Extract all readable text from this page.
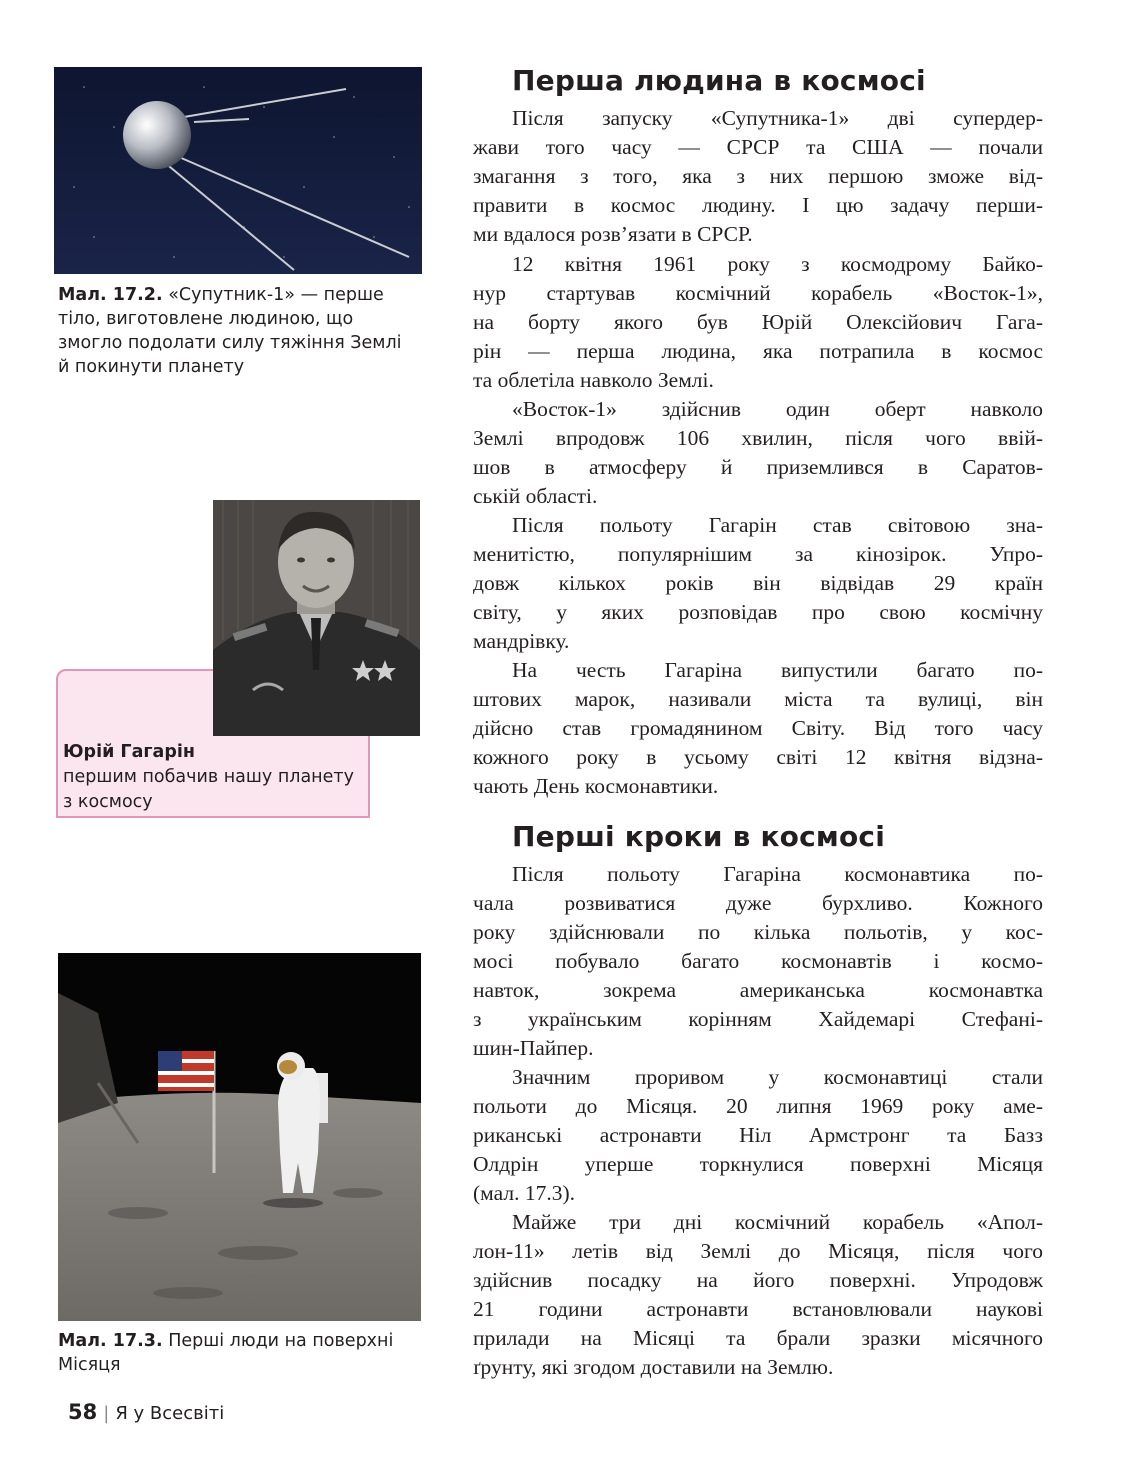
Мал. 17.2. «Супутник-1» — перше
тіло, виготовлене людиною, що
змогло подолати силу тяжіння Землі
й покинути планету
Юрій Гагарін
першим побачив нашу планету
з космосу
Мал. 17.3. Перші люди на поверхні
Місяця
Перша людина в космосі
Після запуску «Супутника-1» дві супердер-
жави того часу — СРСР та США — почали
змагання з того, яка з них першою зможе від-
правити в космос людину. І цю задачу перши-
ми вдалося розв’язати в СРСР.
12 квітня 1961 року з космодрому Байко-
нур стартував космічний корабель «Восток-1»,
на борту якого був Юрій Олексійович Гага-
рін — перша людина, яка потрапила в космос
та облетіла навколо Землі.
«Восток-1» здійснив один оберт навколо
Землі впродовж 106 хвилин, після чого ввій-
шов в атмосферу й приземлився в Саратов-
ській області.
Після польоту Гагарін став світовою зна-
менитістю, популярнішим за кінозірок. Упро-
довж кількох років він відвідав 29 країн
світу, у яких розповідав про свою космічну
мандрівку.
На честь Гагаріна випустили багато по-
штових марок, називали міста та вулиці, він
дійсно став громадянином Світу. Від того часу
кожного року в усьому світі 12 квітня відзна-
чають День космонавтики.
Перші кроки в космосі
Після польоту Гагаріна космонавтика по-
чала розвиватися дуже бурхливо. Кожного
року здійснювали по кілька польотів, у кос-
мосі побувало багато космонавтів і космо-
навток, зокрема американська космонавтка
з українським корінням Хайдемарі Стефані-
шин-Пайпер.
Значним проривом у космонавтиці стали
польоти до Місяця. 20 липня 1969 року аме-
риканські астронавти Ніл Армстронг та Базз
Олдрін уперше торкнулися поверхні Місяця
(мал. 17.3).
Майже три дні космічний корабель «Апол-
лон-11» летів від Землі до Місяця, після чого
здійснив посадку на його поверхні. Упродовж
21 години астронавти встановлювали наукові
прилади на Місяці та брали зразки місячного
ґрунту, які згодом доставили на Землю.
58 | Я у Всесвіті
